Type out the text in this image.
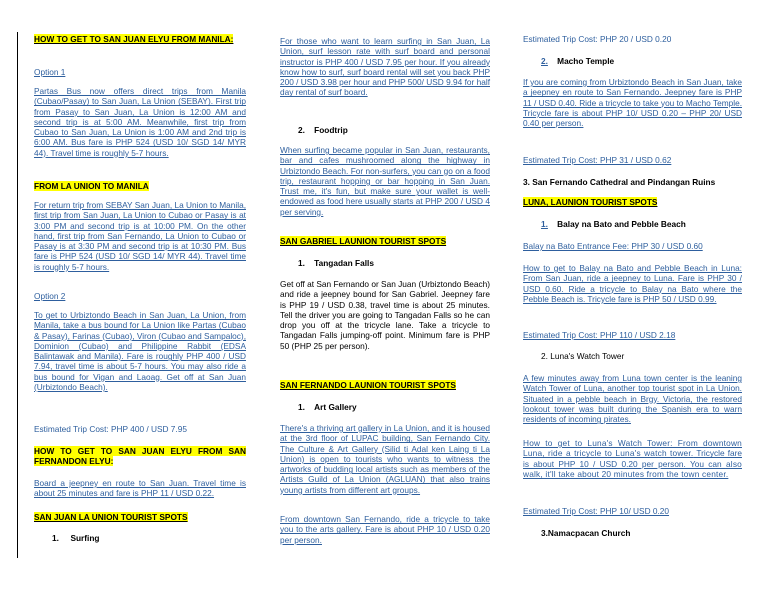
HOW TO GET TO SAN JUAN ELYU FROM MANILA:

Option 1

Partas Bus now offers direct trips from Manila (Cubao/Pasay) to San Juan, La Union (SEBAY). First trip from Pasay to San Juan, La Union is 12:00 AM and second trip is at 5:00 AM. Meanwhile, first trip from Cubao to San Juan, La Union is 1:00 AM and 2nd trip is 6:00 AM. Bus fare is PHP 524 (USD 10/ SGD 14/ MYR 44). Travel time is roughly 5-7 hours.

FROM LA UNION TO MANILA

For return trip from SEBAY San Juan, La Union to Manila, first trip from San Juan, La Union to Cubao or Pasay is at 3:00 PM and second trip is at 10:00 PM. On the other hand, first trip from San Fernando, La Union to Cubao or Pasay is at 3:30 PM and second trip is at 10:30 PM. Bus fare is PHP 524 (USD 10/ SGD 14/ MYR 44). Travel time is roughly 5-7 hours.

Option 2

To get to Urbiztondo Beach in San Juan, La Union, from Manila, take a bus bound for La Union like Partas (Cubao & Pasay), Farinas (Cubao), Viron (Cubao and Sampaloc), Dominion (Cubao) and Philippine Rabbit (EDSA Balintawak and Manila). Fare is roughly PHP 400 / USD 7.94, travel time is about 5-7 hours. You may also ride a bus bound for Vigan and Laoag. Get off at San Juan (Urbiztondo Beach).

Estimated Trip Cost: PHP 400 / USD 7.95

HOW TO GET TO SAN JUAN ELYU FROM SAN FERNANDON ELYU:

Board a jeepney en route to San Juan. Travel time is about 25 minutes and fare is PHP 11 / USD 0.22.

SAN JUAN LA UNION TOURIST SPOTS

1. Surfing

For those who want to learn surfing in San Juan, La Union, surf lesson rate with surf board and personal instructor is PHP 400 / USD 7.95 per hour. If you already know how to surf, surf board rental will set you back PHP 200 / USD 3.98 per hour and PHP 500/ USD 9.94 for half day rental of surf board.

2. Foodtrip

When surfing became popular in San Juan, restaurants, bar and cafes mushroomed along the highway in Urbiztondo Beach. For non-surfers, you can go on a food trip, restaurant hopping or bar hopping in San Juan. Trust me, it's fun, but make sure your wallet is well-endowed as food here usually starts at PHP 200 / USD 4 per serving.

SAN GABRIEL LAUNION TOURIST SPOTS

1. Tangadan Falls

Get off at San Fernando or San Juan (Urbiztondo Beach) and ride a jeepney bound for San Gabriel. Jeepney fare is PHP 19 / USD 0.38, travel time is about 25 minutes. Tell the driver you are going to Tangadan Falls so he can drop you off at the tricycle lane. Take a tricycle to Tangadan Falls jumping-off point. Minimum fare is PHP 50 (PHP 25 per person).

SAN FERNANDO LAUNION TOURIST SPOTS

1. Art Gallery

There's a thriving art gallery in La Union, and it is housed at the 3rd floor of LUPAC building, San Fernando City. The Culture & Art Gallery (Silid ti Adal ken Laing ti La Union) is open to tourists who wants to witness the artworks of budding local artists such as members of the Artists Guild of La Union (AGLUAN) that also trains young artists from different art groups.

From downtown San Fernando, ride a tricycle to take you to the arts gallery. Fare is about PHP 10 / USD 0.20 per person.

Estimated Trip Cost: PHP 20 / USD 0.20

2. Macho Temple

If you are coming from Urbiztondo Beach in San Juan, take a jeepney en route to San Fernando. Jeepney fare is PHP 11 / USD 0.40. Ride a tricycle to take you to Macho Temple. Tricycle fare is about PHP 10/ USD 0.20 – PHP 20/ USD 0.40 per person.

Estimated Trip Cost: PHP 31 / USD 0.62

3. San Fernando Cathedral and Pindangan Ruins

LUNA, LAUNION TOURIST SPOTS

1. Balay na Bato and Pebble Beach

Balay na Bato Entrance Fee: PHP 30 / USD 0.60

How to get to Balay na Bato and Pebble Beach in Luna: From San Juan, ride a jeepney to Luna. Fare is PHP 30 / USD 0.60. Ride a tricycle to Balay na Bato where the Pebble Beach is. Tricycle fare is PHP 50 / USD 0.99.

Estimated Trip Cost: PHP 110 / USD 2.18

2. Luna's Watch Tower

A few minutes away from Luna town center is the leaning Watch Tower of Luna, another top tourist spot in La Union. Situated in a pebble beach in Brgy. Victoria, the restored lookout tower was built during the Spanish era to warn residents of incoming pirates.

How to get to Luna's Watch Tower: From downtown Luna, ride a tricycle to Luna's watch tower. Tricycle fare is about PHP 10 / USD 0.20 per person. You can also walk, it'll take about 20 minutes from the town center.

Estimated Trip Cost: PHP 10/ USD 0.20

3.Namacpacan Church
